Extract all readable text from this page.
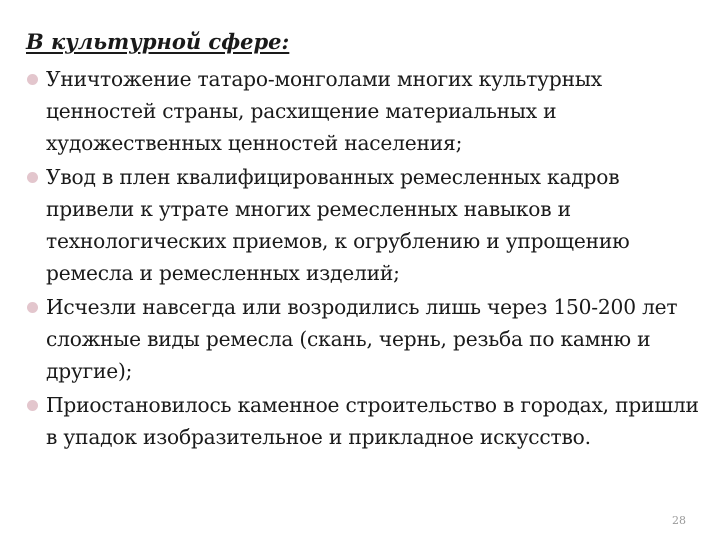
В культурной сфере:
Уничтожение татаро-монголами многих культурных ценностей страны, расхищение материальных и художественных ценностей населения;
Увод в плен квалифицированных ремесленных кадров привели к утрате многих ремесленных навыков и технологических приемов, к огрублению и упрощению ремесла и ремесленных изделий;
Исчезли навсегда или возродились лишь через 150-200 лет сложные виды ремесла (скань, чернь, резьба по камню и другие);
Приостановилось каменное строительство в городах, пришли в упадок изобразительное и прикладное искусство.
28
